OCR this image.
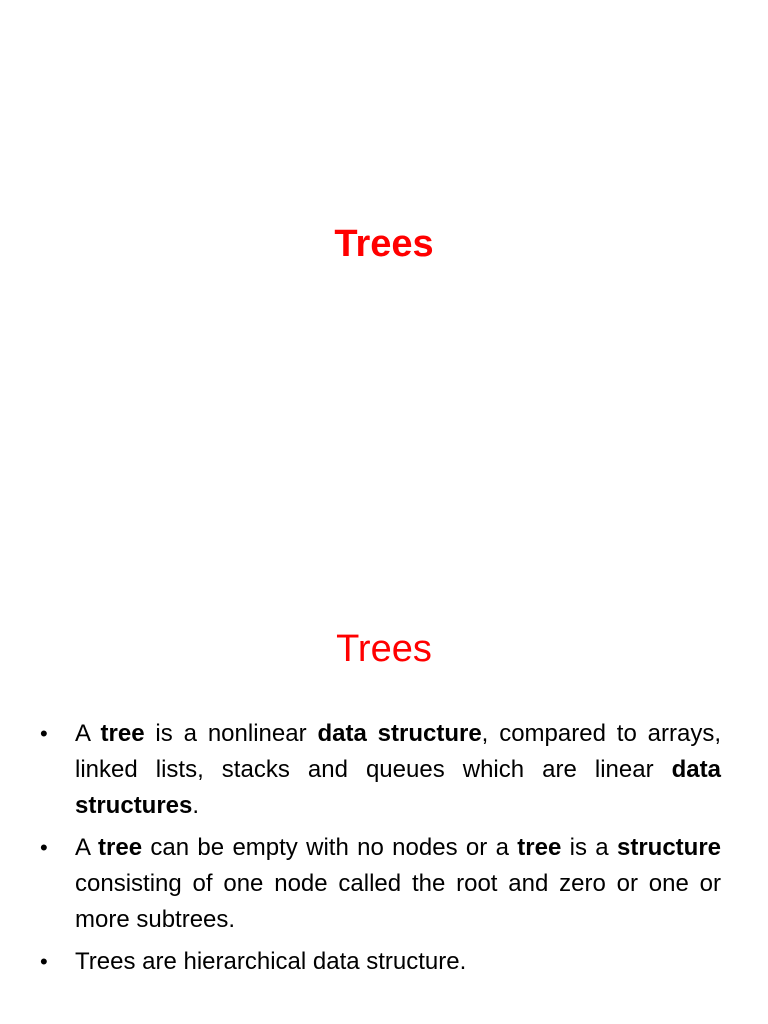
Trees
Trees
•	A tree is a nonlinear data structure, compared to arrays, linked lists, stacks and queues which are linear data structures.
•	A tree can be empty with no nodes or a tree is a structure consisting of one node called the root and zero or one or more subtrees.
•	Trees are hierarchical data structure.
